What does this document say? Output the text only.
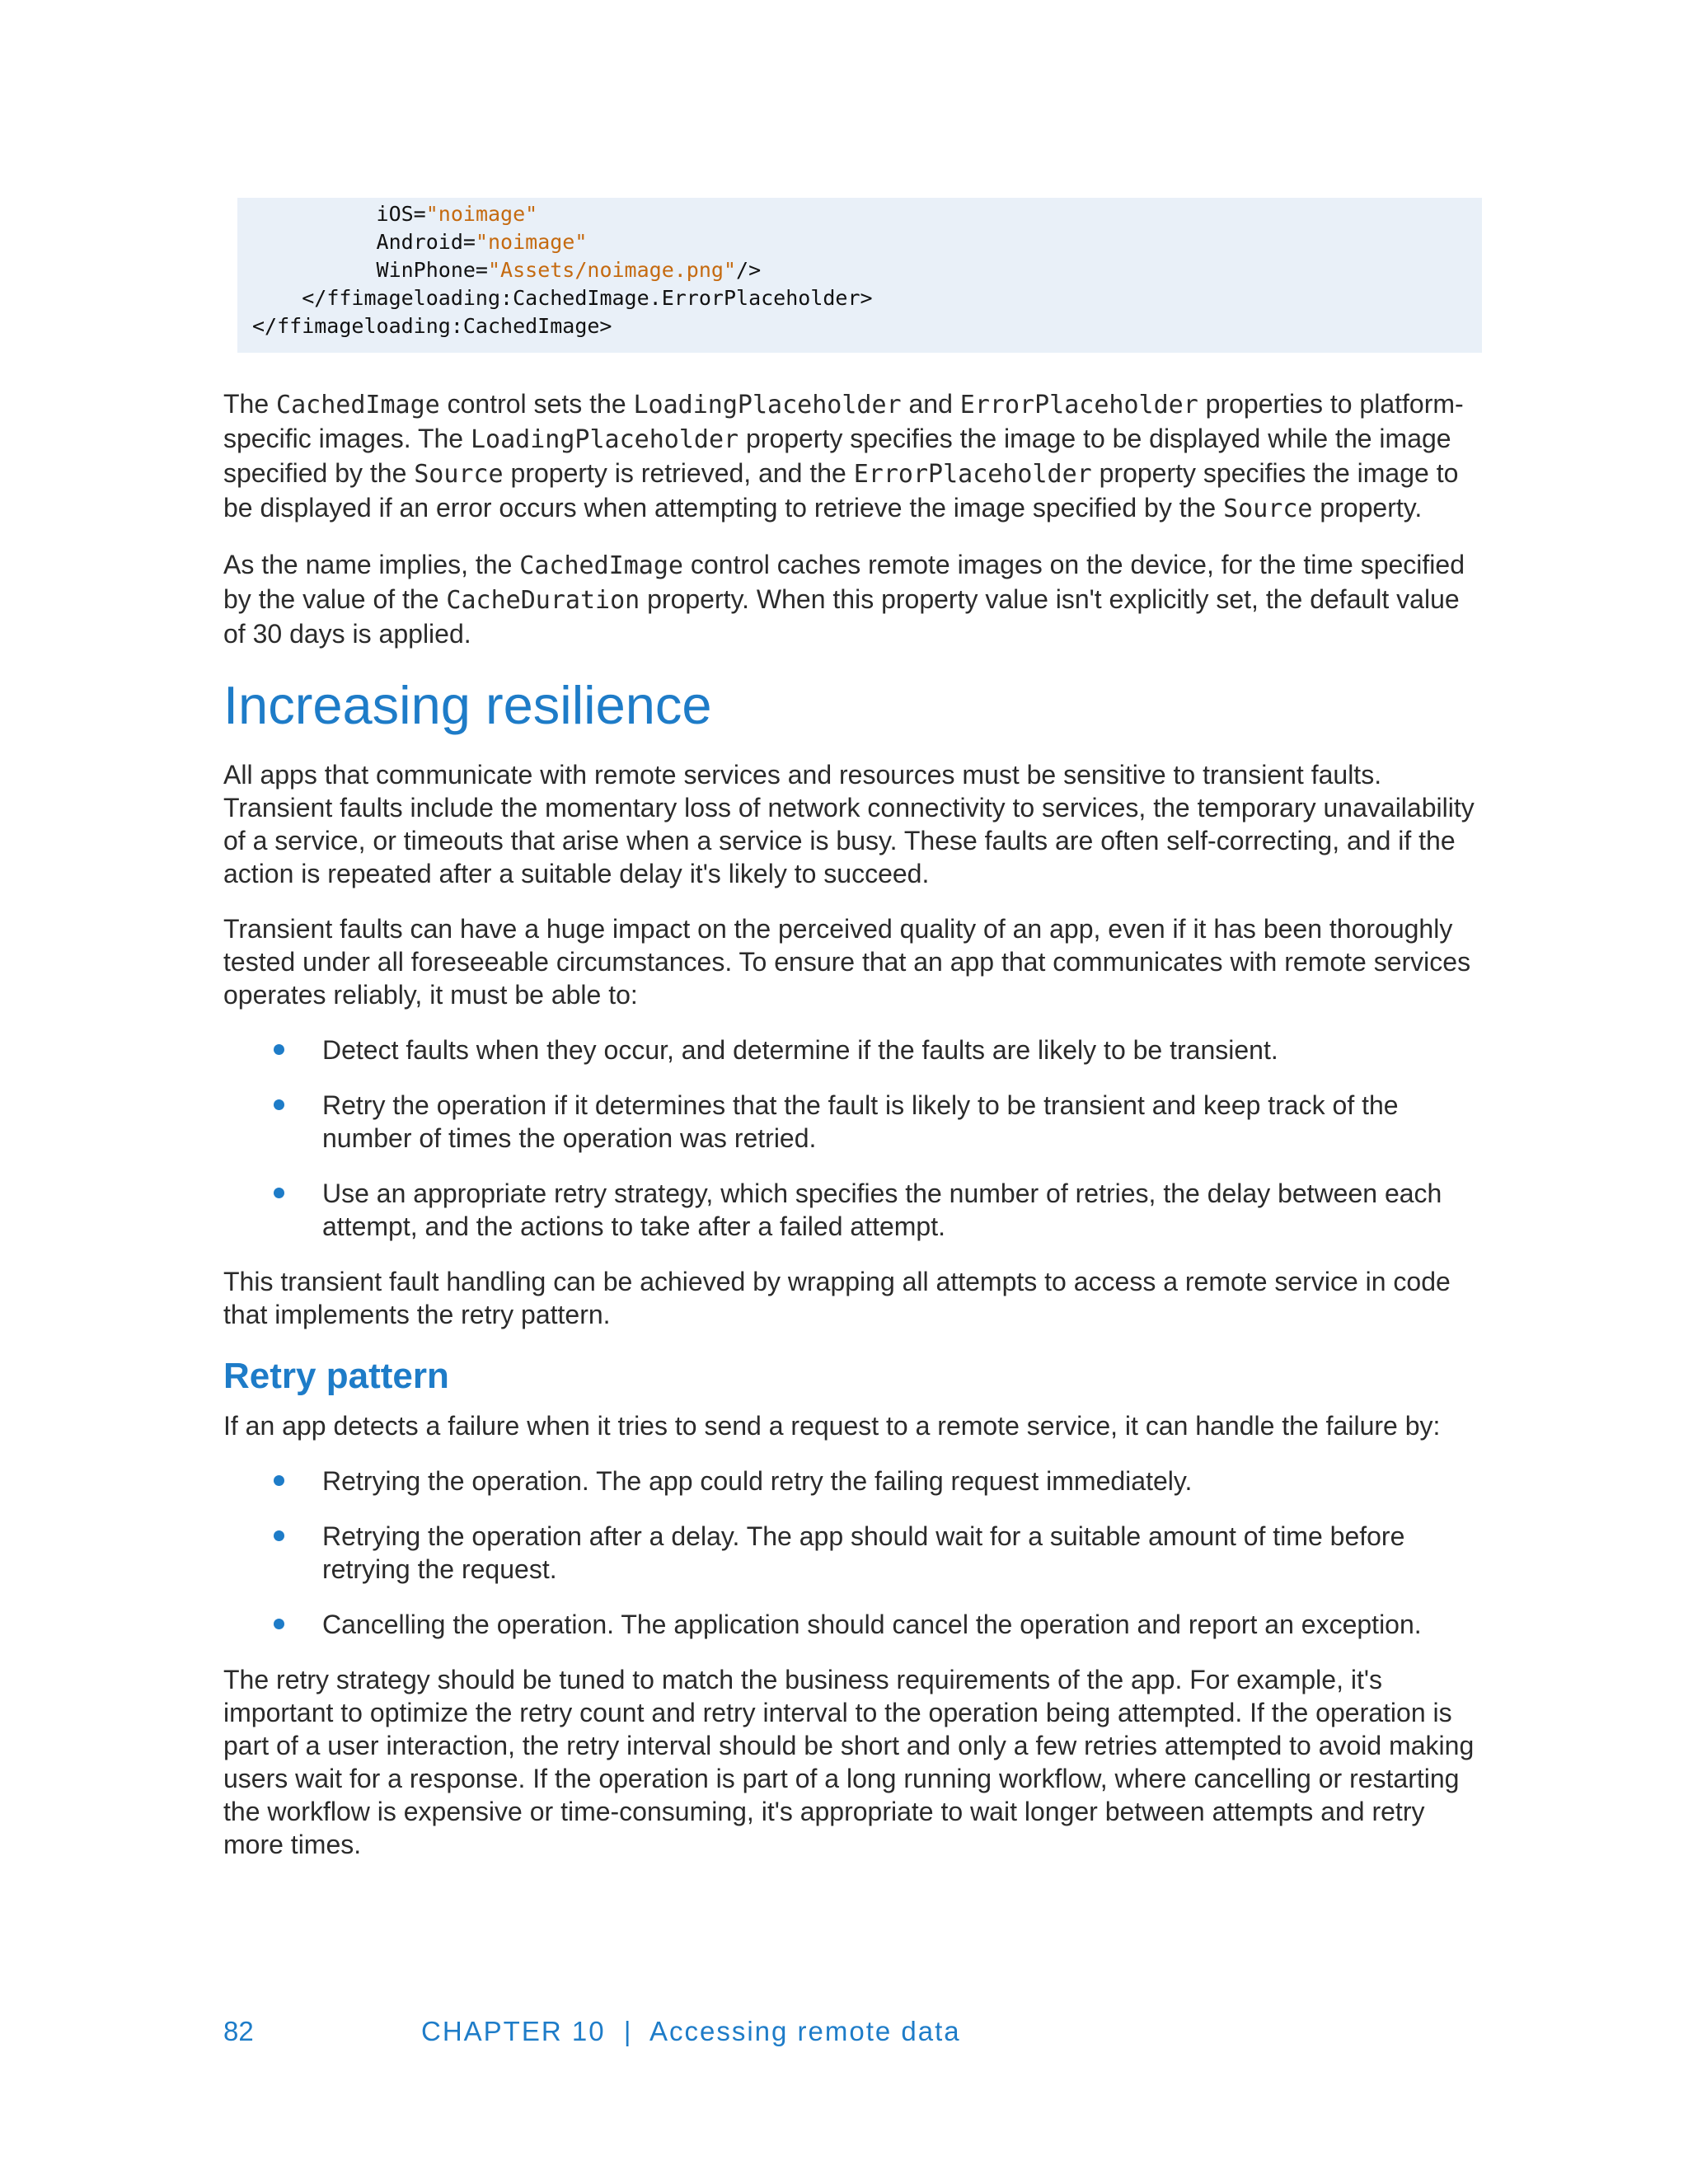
iOS="noimage"
Android="noimage"
WinPhone="Assets/noimage.png"/>
</ffimageloading:CachedImage.ErrorPlaceholder>
</ffimageloading:CachedImage>

The CachedImage control sets the LoadingPlaceholder and ErrorPlaceholder properties to platform-specific images. The LoadingPlaceholder property specifies the image to be displayed while the image specified by the Source property is retrieved, and the ErrorPlaceholder property specifies the image to be displayed if an error occurs when attempting to retrieve the image specified by the Source property.

As the name implies, the CachedImage control caches remote images on the device, for the time specified by the value of the CacheDuration property. When this property value isn't explicitly set, the default value of 30 days is applied.

Increasing resilience

All apps that communicate with remote services and resources must be sensitive to transient faults. Transient faults include the momentary loss of network connectivity to services, the temporary unavailability of a service, or timeouts that arise when a service is busy. These faults are often self-correcting, and if the action is repeated after a suitable delay it's likely to succeed.

Transient faults can have a huge impact on the perceived quality of an app, even if it has been thoroughly tested under all foreseeable circumstances. To ensure that an app that communicates with remote services operates reliably, it must be able to:

Detect faults when they occur, and determine if the faults are likely to be transient.
Retry the operation if it determines that the fault is likely to be transient and keep track of the number of times the operation was retried.
Use an appropriate retry strategy, which specifies the number of retries, the delay between each attempt, and the actions to take after a failed attempt.

This transient fault handling can be achieved by wrapping all attempts to access a remote service in code that implements the retry pattern.

Retry pattern

If an app detects a failure when it tries to send a request to a remote service, it can handle the failure by:

Retrying the operation. The app could retry the failing request immediately.
Retrying the operation after a delay. The app should wait for a suitable amount of time before retrying the request.
Cancelling the operation. The application should cancel the operation and report an exception.

The retry strategy should be tuned to match the business requirements of the app. For example, it's important to optimize the retry count and retry interval to the operation being attempted. If the operation is part of a user interaction, the retry interval should be short and only a few retries attempted to avoid making users wait for a response. If the operation is part of a long running workflow, where cancelling or restarting the workflow is expensive or time-consuming, it's appropriate to wait longer between attempts and retry more times.

82	CHAPTER 10  |  Accessing remote data
